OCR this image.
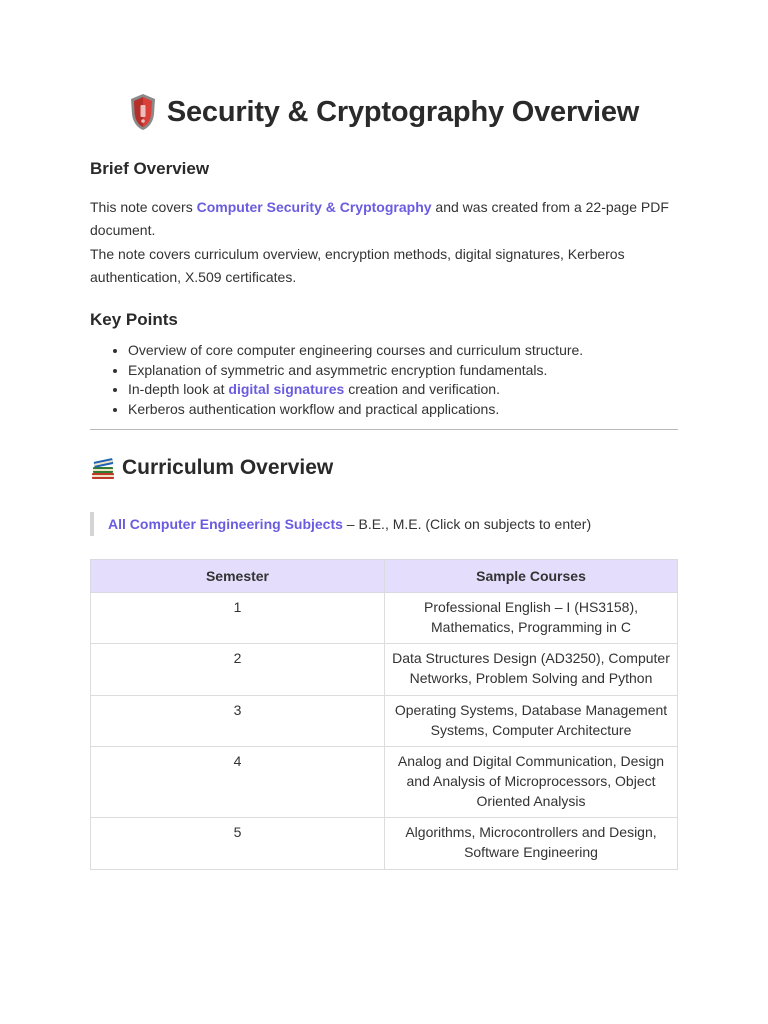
Security & Cryptography Overview
Brief Overview

This note covers Computer Security & Cryptography and was created from a 22-page PDF document.

The note covers curriculum overview, encryption methods, digital signatures, Kerberos authentication, X.509 certificates.

Key Points
• Overview of core computer engineering courses and curriculum structure.
• Explanation of symmetric and asymmetric encryption fundamentals.
• In-depth look at digital signatures creation and verification.
• Kerberos authentication workflow and practical applications.
Curriculum Overview
All Computer Engineering Subjects – B.E., M.E. (Click on subjects to enter)
Semester	Sample Courses
1	Professional English – I (HS3158), Mathematics, Programming in C
2	Data Structures Design (AD3250), Computer Networks, Problem Solving and Python
3	Operating Systems, Database Management Systems, Computer Architecture
4	Analog and Digital Communication, Design and Analysis of Microprocessors, Object Oriented Analysis
5	Algorithms, Microcontrollers and Design, Software Engineering
